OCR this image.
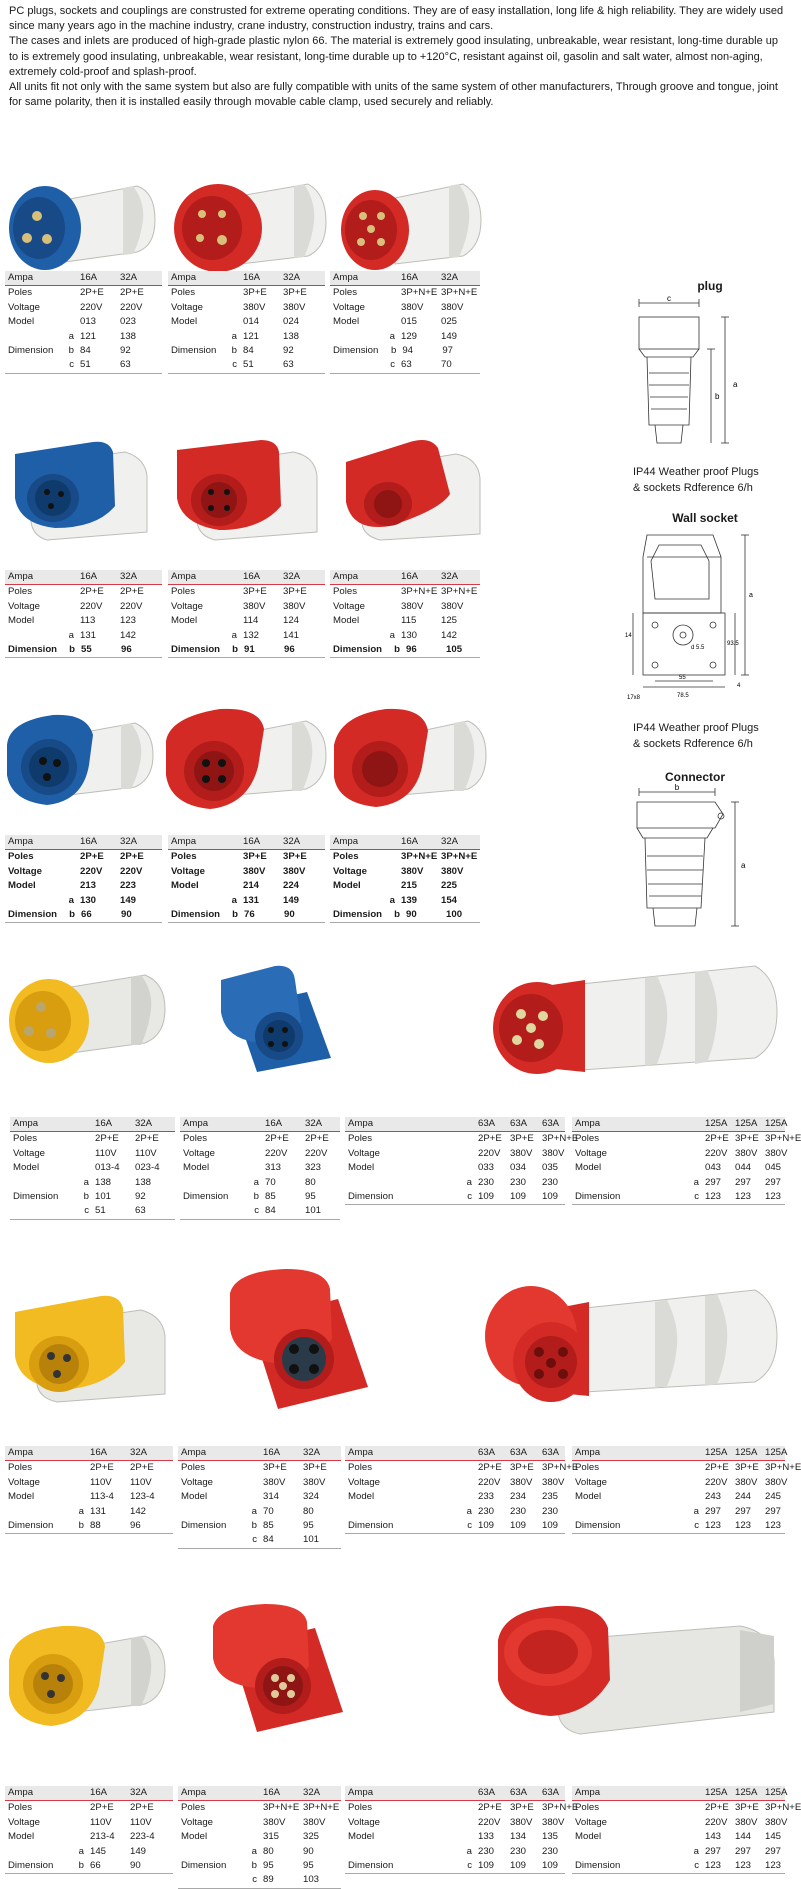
PC plugs, sockets and couplings are construsted for extreme operating conditions. They are of easy installation, long life & high reliability. They are widely used since many years ago in the machine industry, crane industry, construction industry, trains and cars.

The cases and inlets are produced of high-grade plastic nylon 66. The material is extremely good insulating, unbreakable, wear resistant, long-time durable up to is extremely good insulating, unbreakable, wear resistant, long-time durable up to +120°C, resistant against oil, gasolin and salt water, almost non-aging, extremely cold-proof and splash-proof.

All units fit not only with the same system but also are fully compatible with units of the same system of other manufacturers, Through groove and tongue, joint for same polarity, then it is installed easily through movable cable clamp, used securely and reliably.

Ampa	16A	32A
Poles	2P+E	2P+E
Voltage	220V	220V
Model	013	023
a 121	138
Dimension	b 84	92
c 51	63
Ampa	16A	32A
Poles	3P+E	3P+E
Voltage	380V	380V
Model	014	024
a 121	138
Dimension	b 84	92
c 51	63
Ampa	16A	32A
Poles	3P+N+E 3P+N+E
Voltage	380V	380V
Model	015	025
a 129	149
Dimension	b 94	97
c 63	70
Ampa	16A	32A
Poles	2P+E	2P+E
Voltage	220V	220V
Model	113	123
a 131	142
Dimension	b 55	96
Ampa	16A	32A
Poles	3P+E	3P+E
Voltage	380V	380V
Model	114	124
a 132	141
Dimension	b 91	96
Ampa	16A	32A
Poles	3P+N+E 3P+N+E
Voltage	380V	380V
Model	115	125
a 130	142
Dimension	b 96	105
Ampa	16A	32A
Poles	2P+E	2P+E
Voltage	220V	220V
Model	213	223
a 130	149
Dimension	b 66	90
Ampa	16A	32A
Poles	3P+E	3P+E
Voltage	380V	380V
Model	214	224
a 131	149
Dimension	b 76	90
Ampa	16A	32A
Poles	3P+N+E 3P+N+E
Voltage	380V	380V
Model	215	225
a 139	154
Dimension	b 90	100
plug
c
a
b
IP44 Weather proof Plugs
& sockets Rdference 6/h
Wall socket
a
93.5
14
d 5.5
17x8
55
78.5
4
IP44 Weather proof Plugs
& sockets Rdference 6/h
Connector
b
a
Ampa	16A	32A
Poles	2P+E	2P+E
Voltage	110V	110V
Model	013-4	023-4
a 138	138
Dimension	b 101	92
c 51	63
Ampa	16A	32A
Poles	2P+E	2P+E
Voltage	220V	220V
Model	313	323
a 70	80
Dimension	b 85	95
c 84	101
Ampa	63A	63A	63A
Poles	2P+E 3P+E 3P+N+E
Voltage	220V 380V 380V
Model	033	034	035
a 230	230	230
Dimension	c 109	109	109
Ampa	125A 125A 125A
Poles	2P+E 3P+E 3P+N+E
Voltage	220V 380V 380V
Model	043	044	045
a 297	297	297
Dimension	c 123	123	123
Ampa	16A	32A
Poles	2P+E	2P+E
Voltage	110V	110V
Model	113-4	123-4
a 131	142
Dimension	b 88	96
Ampa	16A	32A
Poles	3P+E	3P+E
Voltage	380V	380V
Model	314	324
a 70	80
Dimension	b 85	95
c 84	101
Ampa	63A	63A	63A
Poles	2P+E 3P+E 3P+N+E
Voltage	220V 380V 380V
Model	233	234	235
a 230	230	230
Dimension	c 109	109	109
Ampa	125A 125A 125A
Poles	2P+E 3P+E 3P+N+E
Voltage	220V 380V 380V
Model	243	244	245
a 297	297	297
Dimension	c 123	123	123
Ampa	16A	32A
Poles	2P+E	2P+E
Voltage	110V	110V
Model	213-4	223-4
a 145	149
Dimension	b 66	90
Ampa	16A	32A
Poles	3P+N+E 3P+N+E
Voltage	380V	380V
Model	315	325
a 80	90
Dimension	b 95	95
c 89	103
Ampa	63A	63A	63A
Poles	2P+E 3P+E 3P+N+E
Voltage	220V 380V 380V
Model	133	134	135
a 230	230	230
Dimension	c 109	109	109
Ampa	125A 125A 125A
Poles	2P+E 3P+E 3P+N+E
Voltage	220V 380V 380V
Model	143	144	145
a 297	297	297
Dimension	c 123	123	123
